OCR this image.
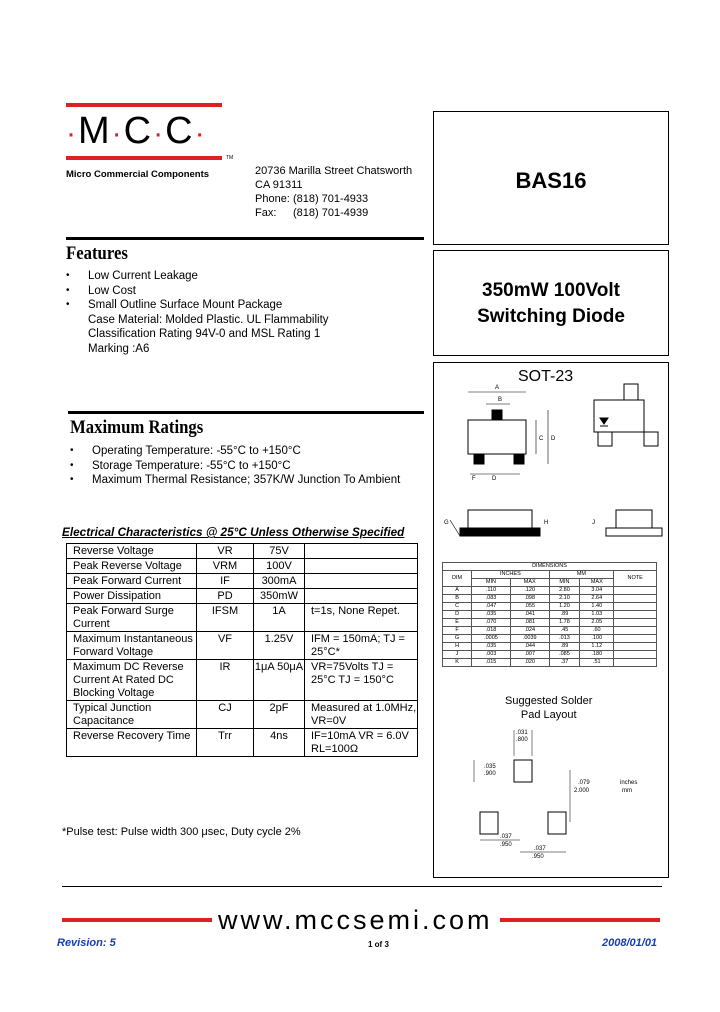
·M·C·C·
TM
Micro Commercial Components	20736 Marilla Street Chatsworth
CA 91311
Phone: (818) 701-4933
Fax: (818) 701-4939
BAS16
350mW 100Volt
Switching Diode
Features
• Low Current Leakage
• Low Cost
• Small Outline Surface Mount Package
Case Material: Molded Plastic. UL Flammability
Classification Rating 94V-0 and MSL Rating 1
Marking :A6
Maximum Ratings
• Operating Temperature: -55°C to +150°C
• Storage Temperature: -55°C to +150°C
• Maximum Thermal Resistance; 357K/W Junction To Ambient
Electrical Characteristics @ 25°C Unless Otherwise Specified
Reverse Voltage	VR	75V	
Peak Reverse Voltage	VRM	100V	
Peak Forward Current	IF	300mA	
Power Dissipation	PD	350mW	
Peak Forward Surge Current	IFSM	1A	t=1s, None Repet.
Maximum Instantaneous Forward Voltage	VF	1.25V	IFM = 150mA; TJ = 25°C*
Maximum DC Reverse Current At Rated DC Blocking Voltage	IR	1μA 50μA	VR=75Volts TJ = 25°C TJ = 150°C
Typical Junction Capacitance	CJ	2pF	Measured at 1.0MHz, VR=0V
Reverse Recovery Time	Trr	4ns	IF=10mA VR = 6.0V RL=100Ω
*Pulse test: Pulse width 300 μsec, Duty cycle 2%
SOT-23
A
B
C D
F	D
G	H	J
DIMENSIONS					
DIM	INCHES		MM		NOTE
	MIN	MAX	MIN	MAX	
A	.110	.120	2.80	3.04	
B	.083	.098	2.10	2.64	
C	.047	.055	1.20	1.40	
D	.035	.041	.89	1.03	
E	.070	.081	1.78	2.05	
F	.018	.024	.45	.60	
G	.0005	.0039	.013	.100	
H	.035	.044	.89	1.12	
J	.003	.007	.085	.180	
K	.015	.020	.37	.51	
Suggested Solder
Pad Layout
.031
.800
.035
.900
.079
2.000
.037
.950
.037
.950
inches
mm
www.mccsemi.com
Revision: 5	1 of 3	2008/01/01
